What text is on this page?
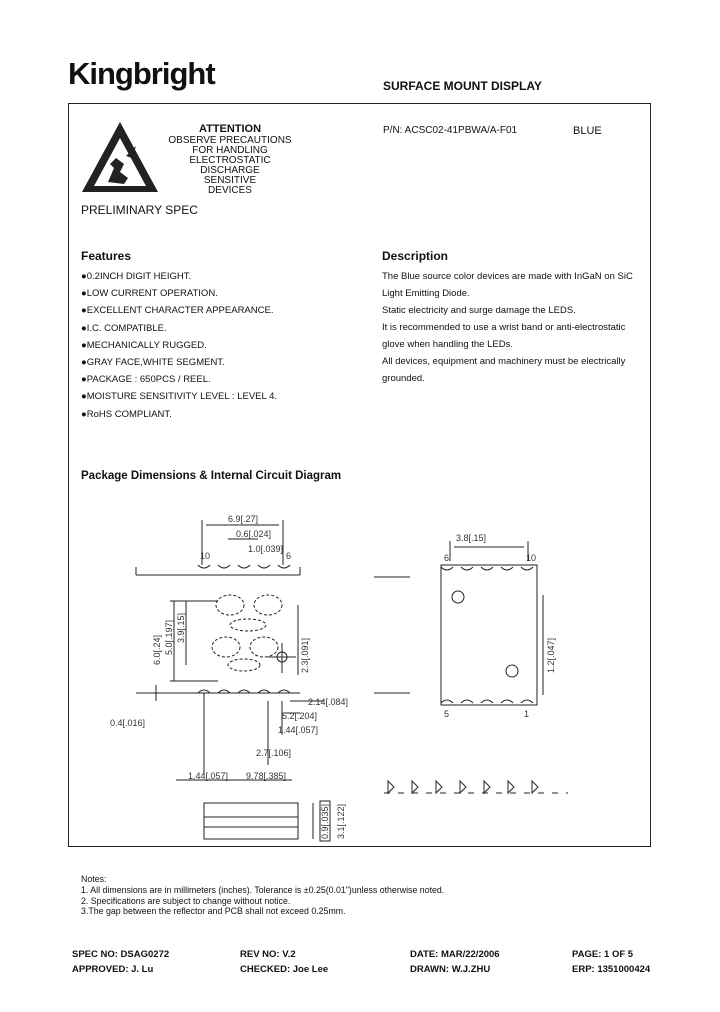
Kingbright	SURFACE MOUNT DISPLAY
ATTENTION
OBSERVE PRECAUTIONS
FOR HANDLING
ELECTROSTATIC
DISCHARGE
SENSITIVE
DEVICES
P/N: ACSC02-41PBWA/A-F01	BLUE
PRELIMINARY SPEC
Features
●0.2INCH DIGIT HEIGHT.
●LOW CURRENT OPERATION.
●EXCELLENT CHARACTER APPEARANCE.
●I.C. COMPATIBLE.
●MECHANICALLY RUGGED.
●GRAY FACE,WHITE SEGMENT.
●PACKAGE : 650PCS / REEL.
●MOISTURE SENSITIVITY LEVEL : LEVEL 4.
●RoHS COMPLIANT.
Description
The Blue source color devices are made with InGaN on SiC
Light Emitting Diode.
Static electricity and surge damage the LEDS.
It is recommended to use a wrist band or anti-electrostatic
glove when handling the LEDs.
All devices, equipment and machinery must be electrically
grounded.
Package Dimensions & Internal Circuit Diagram
6.9[.27]
0.6[.024]
1.0[.039]
10	6
5.2[.204]
2.14[.084]
1.44[.057]
2.7[.106]
0.4[.016]
1.44[.057] 9.78[.385]
3.8[.15]
6	10
5	1
6.0[.24] 5.0[.197] 3.9[.15]
2.3[.091]	1.2[.047]
0.9[.035] 3.1[.122]
Notes:
1. All dimensions are in millimeters (inches). Tolerance is ±0.25(0.01")unless otherwise noted.
2. Specifications are subject to change without notice.
3.The gap between the reflector and PCB shall not exceed 0.25mm.
SPEC NO: DSAG0272	REV NO: V.2	DATE: MAR/22/2006	PAGE: 1 OF 5
APPROVED: J. Lu	CHECKED: Joe Lee	DRAWN: W.J.ZHU	ERP: 1351000424
